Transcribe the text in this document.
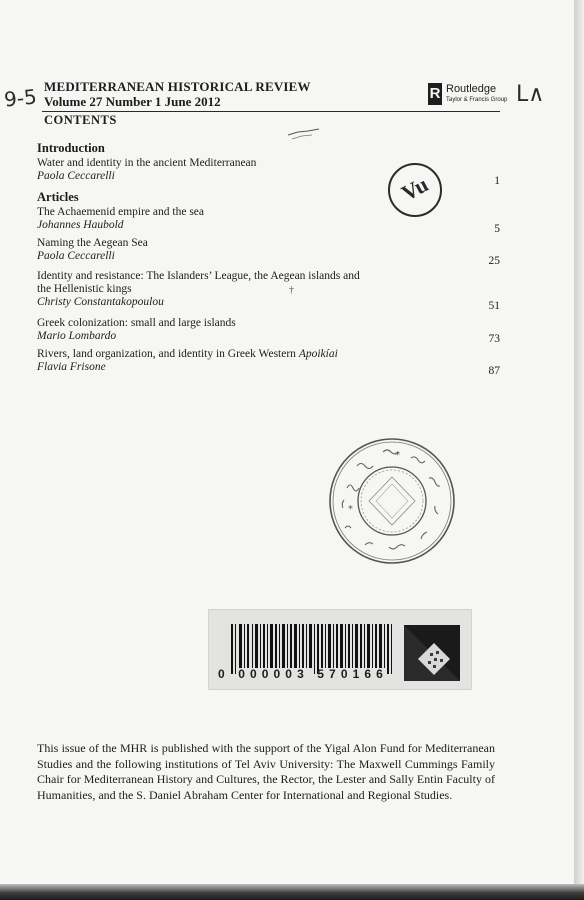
9-5	L∧
MEDITERRANEAN HISTORICAL REVIEW
Volume 27 Number 1 June 2012	R Routledge
Taylor & Francis Group
CONTENTS
Introduction
Water and identity in the ancient Mediterranean
Paola Ceccarelli	1
Vu
Articles
The Achaemenid empire and the sea
Johannes Haubold	5
Naming the Aegean Sea
Paola Ceccarelli	25
Identity and resistance: The Islanders’ League, the Aegean islands and
the Hellenistic kings
Christy Constantakopoulou	51
†
Greek colonization: small and large islands
Mario Lombardo	73
Rivers, land organization, and identity in Greek Western Apoikíai
Flavia Frisone	87
*
*
0 000003 570166
This issue of the MHR is published with the support of the Yigal Alon Fund for Mediterranean Studies and the following institutions of Tel Aviv University: The Maxwell Cummings Family Chair for Mediterranean History and Cultures, the Rector, the Lester and Sally Entin Faculty of Humanities, and the S. Daniel Abraham Center for International and Regional Studies.
